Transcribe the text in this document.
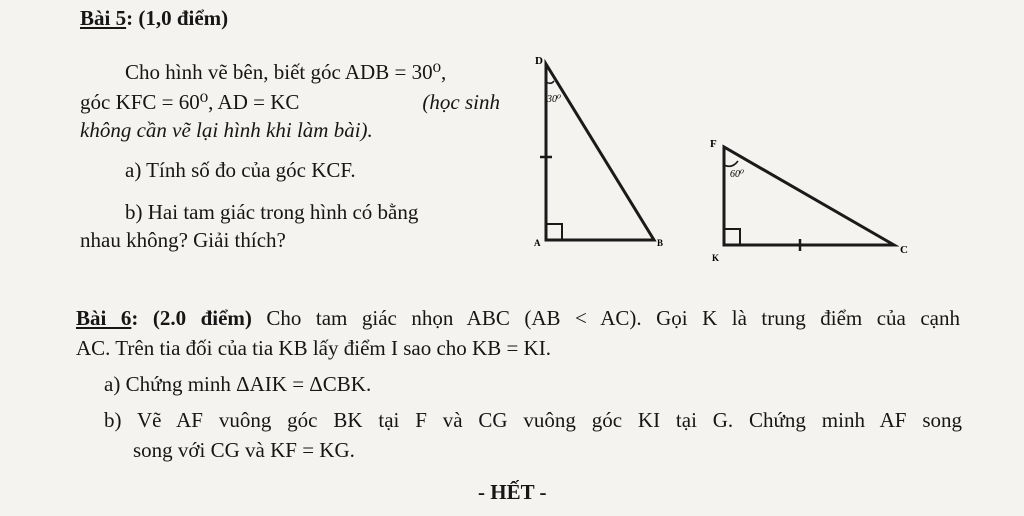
Bài 5: (1,0 điểm)
Cho hình vẽ bên, biết góc ADB = 30⁰,
góc KFC = 60⁰, AD = KC	(học sinh
không cần vẽ lại hình khi làm bài).
a) Tính số đo của góc KCF.
b) Hai tam giác trong hình có bằng
nhau không? Giải thích?
D
A	B
30⁰
F
K
C
60⁰
Bài 6: (2.0 điểm) Cho tam giác nhọn ABC (AB < AC). Gọi K là trung điểm của cạnh
AC. Trên tia đối của tia KB lấy điểm I sao cho KB = KI.
a) Chứng minh ΔAIK = ΔCBK.
b) Vẽ AF vuông góc BK tại F và CG vuông góc KI tại G. Chứng minh AF song
song với CG và KF = KG.
- HẾT -
